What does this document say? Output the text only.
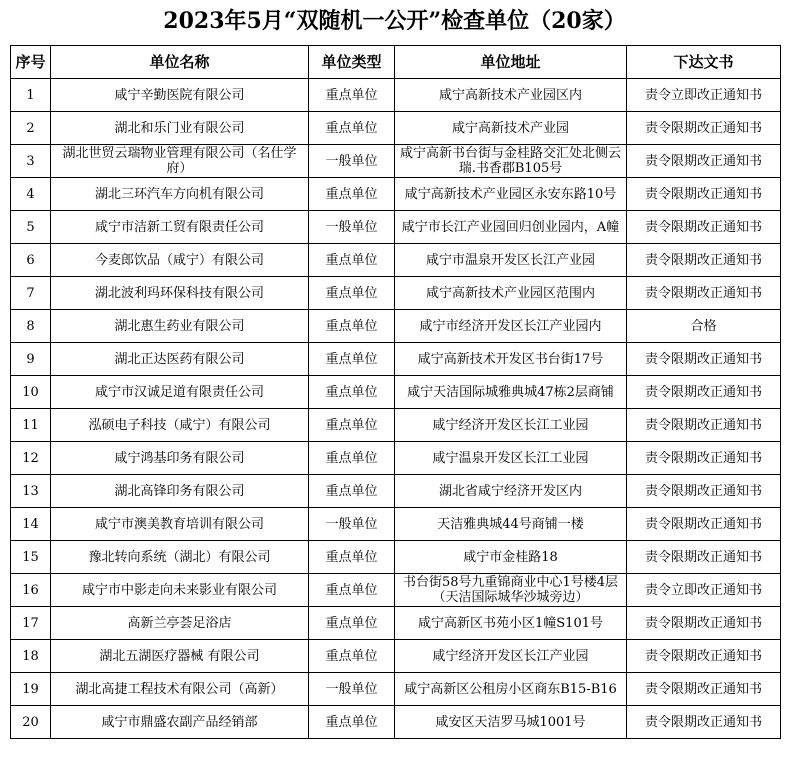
2023年5月“双随机一公开”检查单位（20家）
序号	单位名称	单位类型	单位地址	下达文书
1	咸宁辛勤医院有限公司	重点单位	咸宁高新技术产业园区内	责令立即改正通知书
2	湖北和乐门业有限公司	重点单位	咸宁高新技术产业园	责令限期改正通知书
3	湖北世贸云瑞物业管理有限公司（名仕学府）	一般单位	咸宁高新书台街与金桂路交汇处北侧云瑞.书香郡B105号	责令限期改正通知书
4	湖北三环汽车方向机有限公司	重点单位	咸宁高新技术产业园区永安东路10号	责令限期改正通知书
5	咸宁市洁新工贸有限责任公司	一般单位	咸宁市长江产业园回归创业园内，A幢	责令限期改正通知书
6	今麦郎饮品（咸宁）有限公司	重点单位	咸宁市温泉开发区长江产业园	责令限期改正通知书
7	湖北波利玛环保科技有限公司	重点单位	咸宁高新技术产业园区范围内	责令限期改正通知书
8	湖北惠生药业有限公司	重点单位	咸宁市经济开发区长江产业园内	合格
9	湖北正达医药有限公司	重点单位	咸宁高新技术开发区书台街17号	责令限期改正通知书
10	咸宁市汉诚足道有限责任公司	重点单位	咸宁天洁国际城雅典城47栋2层商铺	责令限期改正通知书
11	泓硕电子科技（咸宁）有限公司	重点单位	咸宁经济开发区长江工业园	责令限期改正通知书
12	咸宁鸿基印务有限公司	重点单位	咸宁温泉开发区长江工业园	责令限期改正通知书
13	湖北高锋印务有限公司	重点单位	湖北省咸宁经济开发区内	责令限期改正通知书
14	咸宁市澳美教育培训有限公司	一般单位	天洁雅典城44号商铺一楼	责令限期改正通知书
15	豫北转向系统（湖北）有限公司	重点单位	咸宁市金桂路18	责令限期改正通知书
16	咸宁市中影走向未来影业有限公司	重点单位	书台街58号九重锦商业中心1号楼4层（天洁国际城华沙城旁边）	责令立即改正通知书
17	高新兰亭荟足浴店	重点单位	咸宁高新区书苑小区1幢S101号	责令限期改正通知书
18	湖北五湖医疗器械 有限公司	重点单位	咸宁经济开发区长江产业园	责令限期改正通知书
19	湖北高捷工程技术有限公司（高新）	一般单位	咸宁高新区公租房小区商东B15-B16	责令限期改正通知书
20	咸宁市鼎盛农副产品经销部	重点单位	咸安区天洁罗马城1001号	责令限期改正通知书
